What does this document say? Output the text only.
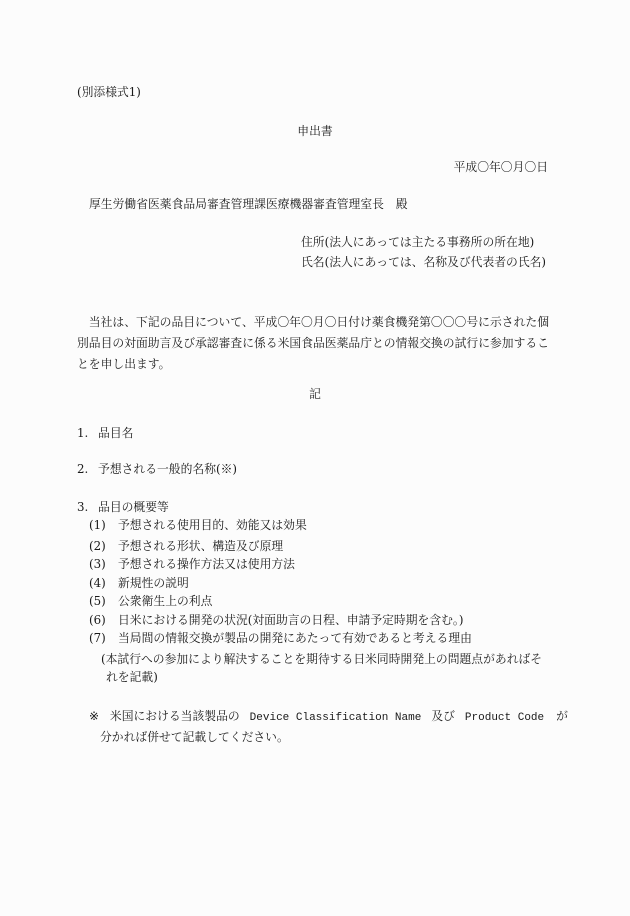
(別添様式1)
申出書
平成〇年〇月〇日
厚生労働省医薬食品局審査管理課医療機器審査管理室長　殿
住所(法人にあっては主たる事務所の所在地)
氏名(法人にあっては、名称及び代表者の氏名)
　当社は、下記の品目について、平成〇年〇月〇日付け薬食機発第〇〇〇号に示された個
別品目の対面助言及び承認審査に係る米国食品医薬品庁との情報交換の試行に参加するこ
とを申し出ます。
記
1. 品目名
2. 予想される一般的名称(※)
3. 品目の概要等
(1) 予想される使用目的、効能又は効果
(2) 予想される形状、構造及び原理
(3) 予想される操作方法又は使用方法
(4) 新規性の説明
(5) 公衆衛生上の利点
(6) 日米における開発の状況(対面助言の日程、申請予定時期を含む。)
(7) 当局間の情報交換が製品の開発にあたって有効であると考える理由
(本試行への参加により解決することを期待する日米同時開発上の問題点があればそ
れを記載)
※ 米国における当該製品の Device Classification Name 及び Product Code が
分かれば併せて記載してください。
